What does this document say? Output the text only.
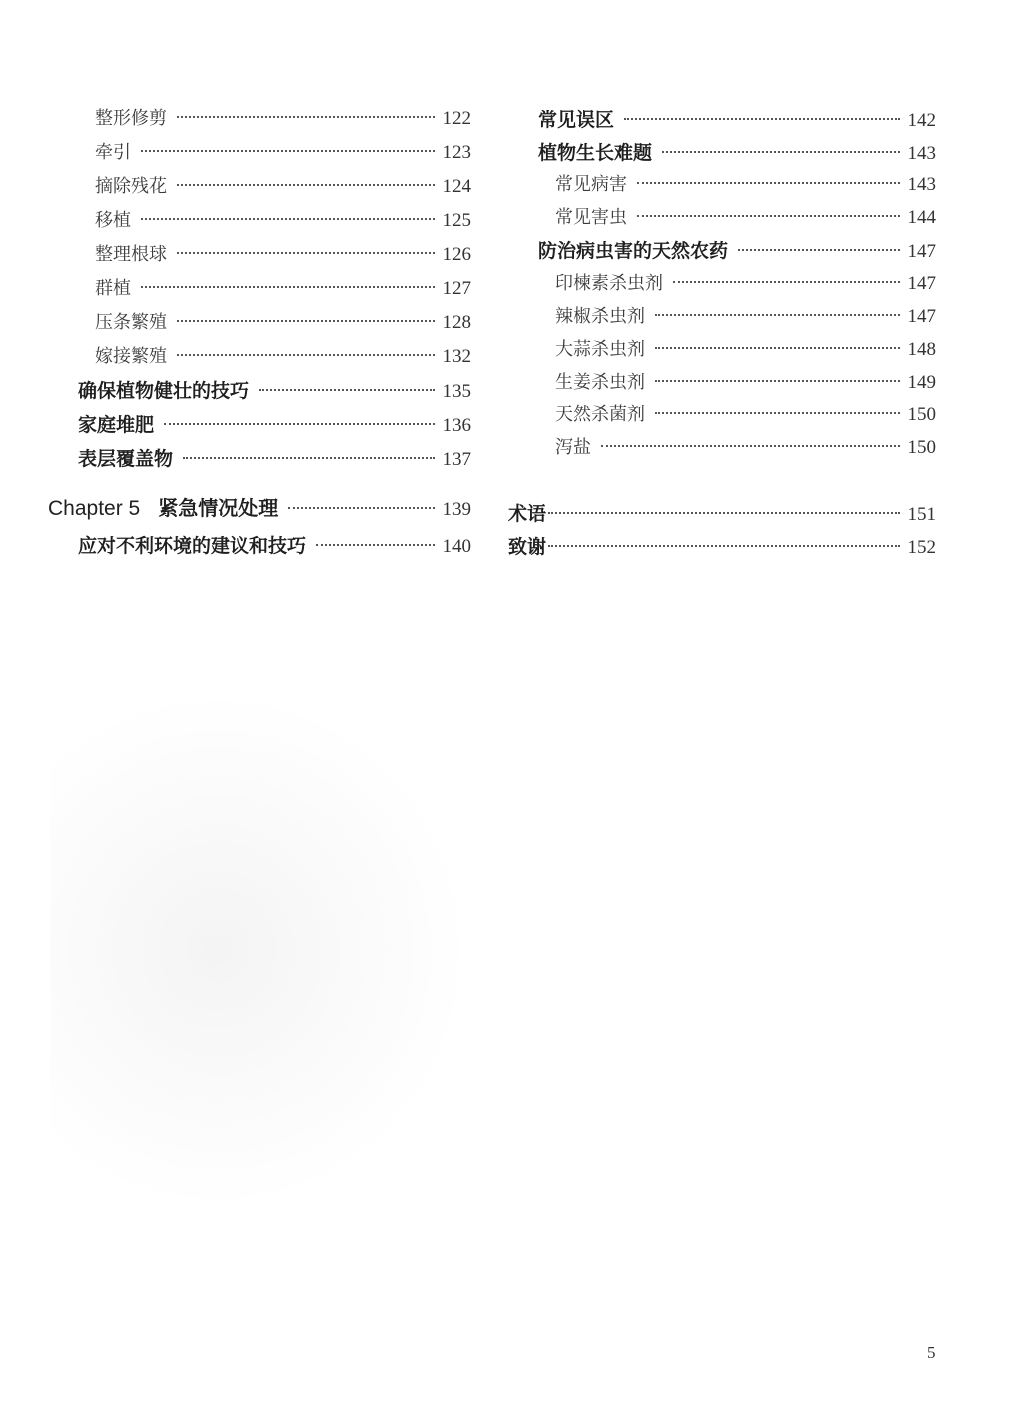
整形修剪	122
牵引	123
摘除残花	124
移植	125
整理根球	126
群植	127
压条繁殖	128
嫁接繁殖	132
确保植物健壮的技巧	135
家庭堆肥	136
表层覆盖物	137
Chapter 5 紧急情况处理	139
应对不利环境的建议和技巧	140
常见误区	142
植物生长难题	143
常见病害	143
常见害虫	144
防治病虫害的天然农药	147
印楝素杀虫剂	147
辣椒杀虫剂	147
大蒜杀虫剂	148
生姜杀虫剂	149
天然杀菌剂	150
泻盐	150
术语	151
致谢	152
5
